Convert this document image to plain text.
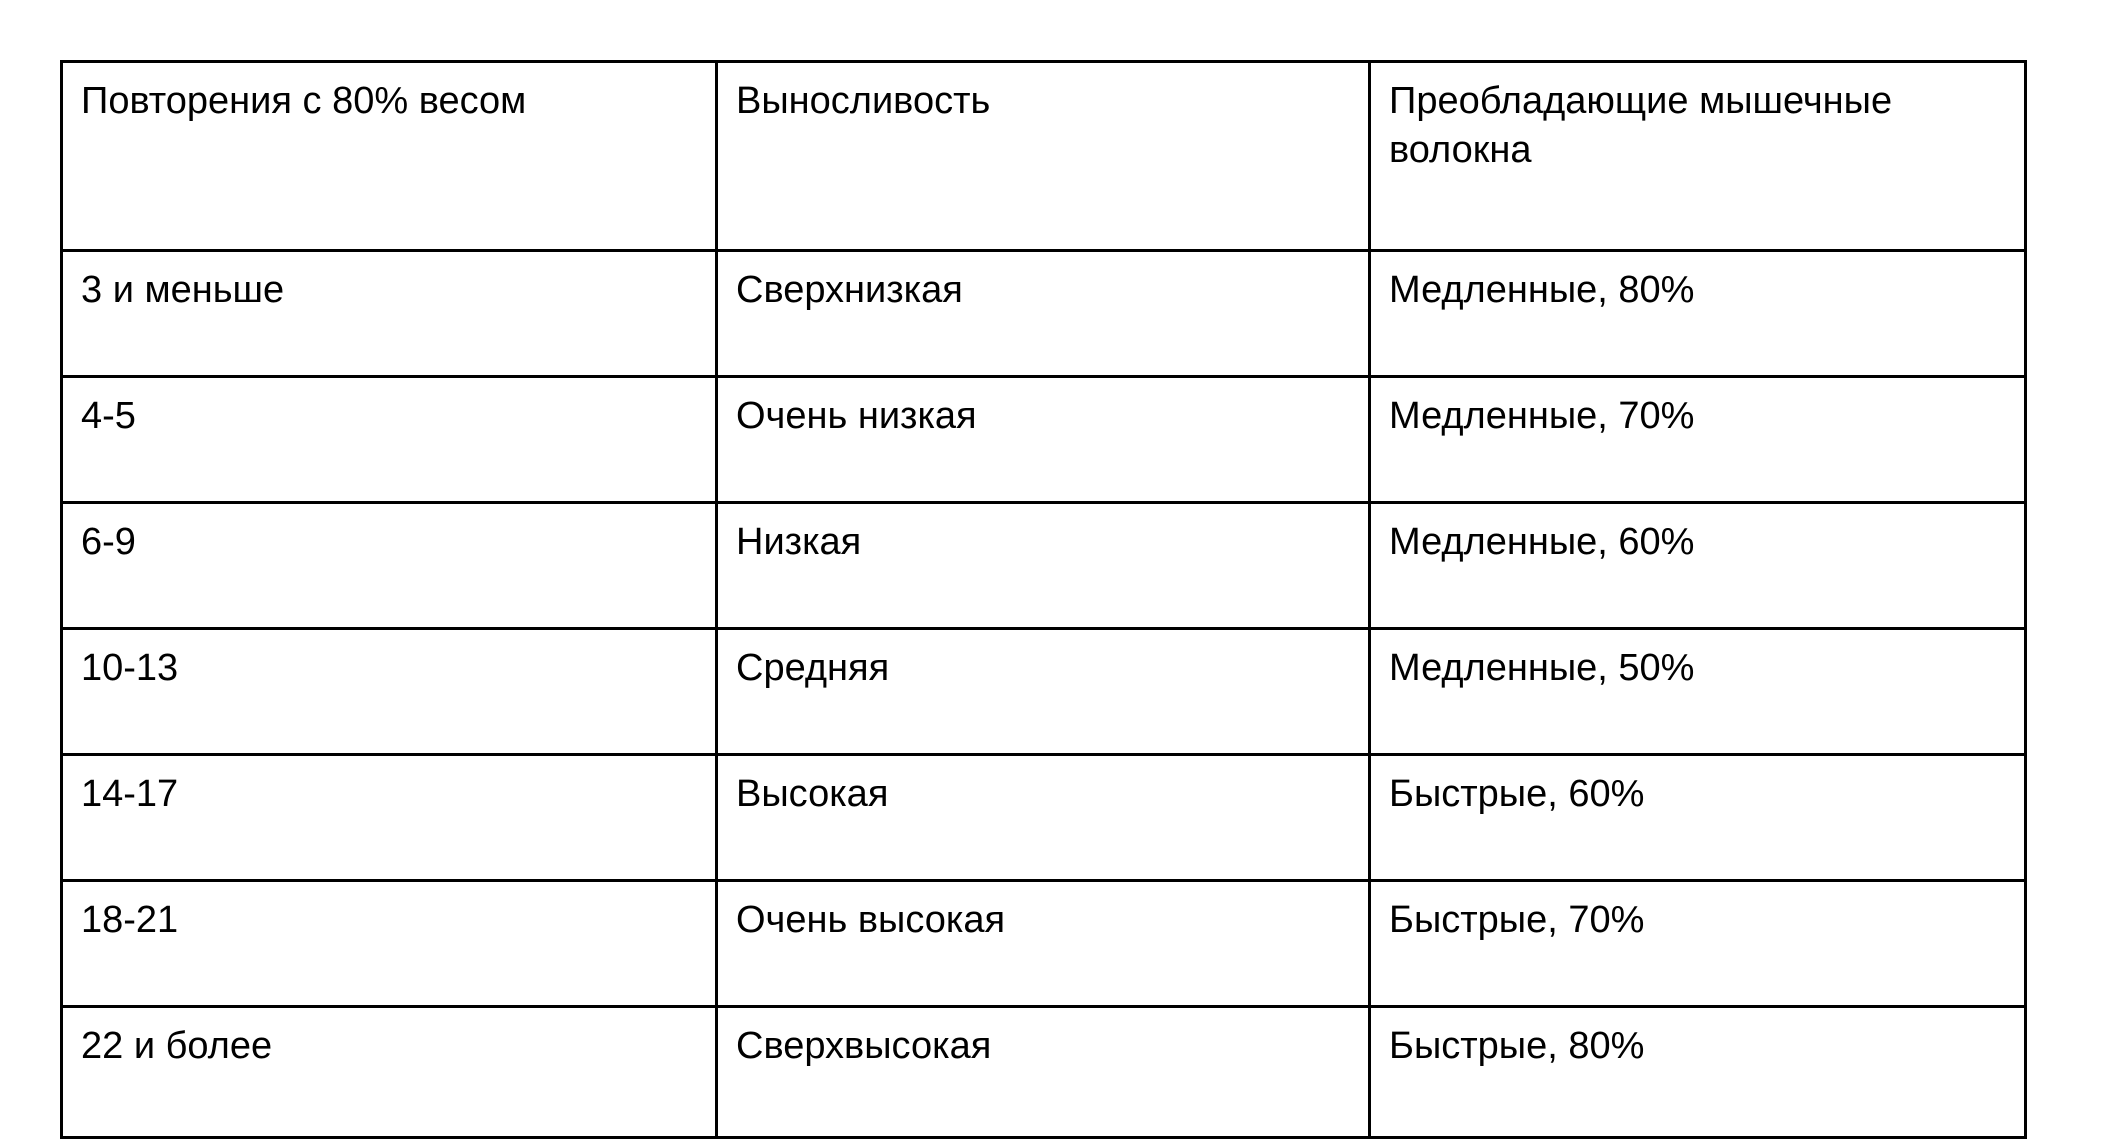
Повторения с 80% весом	Выносливость	Преобладающие мышечные волокна

3 и меньше	Сверхнизкая	Медленные, 80%

4-5	Очень низкая	Медленные, 70%

6-9	Низкая	Медленные, 60%

10-13	Средняя	Медленные, 50%

14-17	Высокая	Быстрые, 60%

18-21	Очень высокая	Быстрые, 70%

22 и более	Сверхвысокая	Быстрые, 80%
